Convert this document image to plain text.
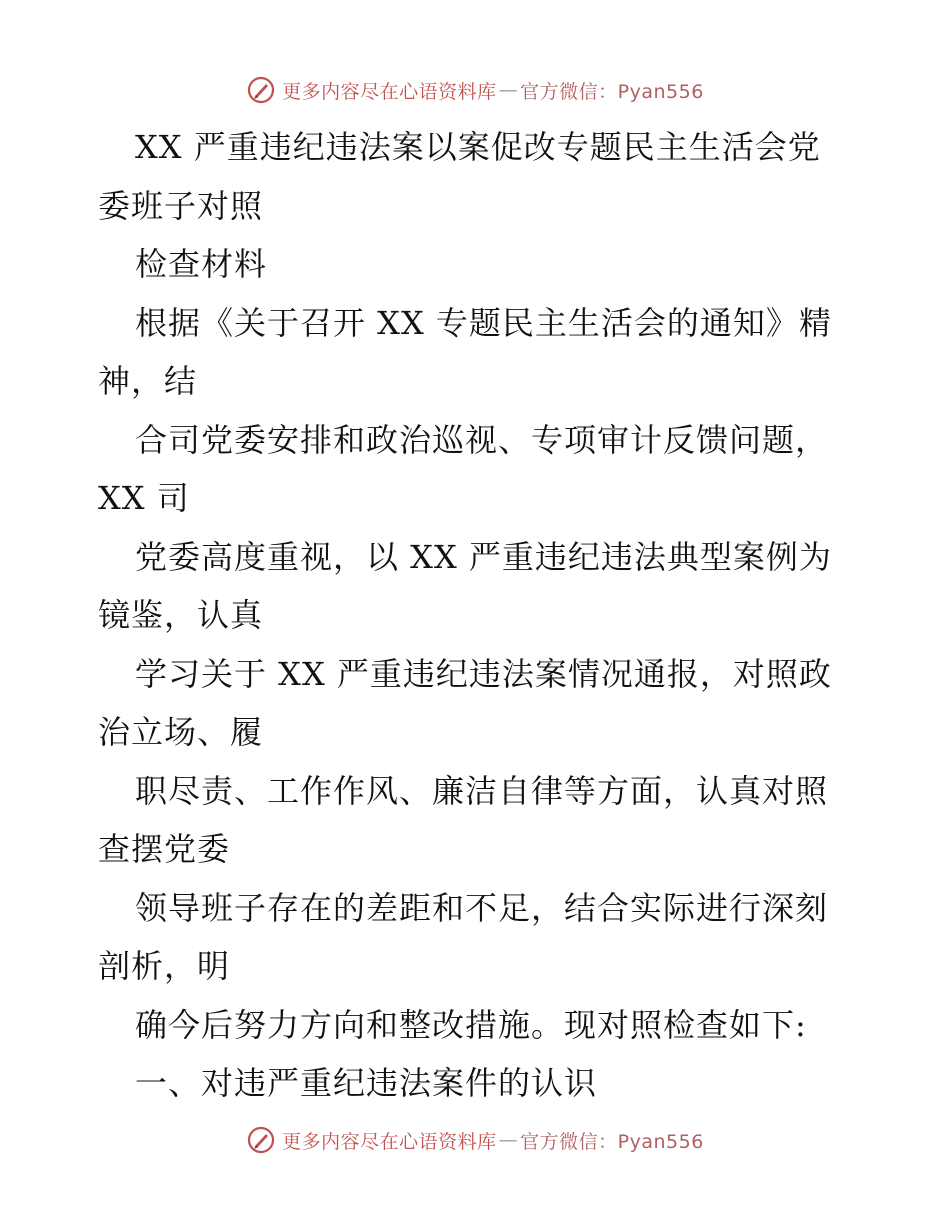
更多内容尽在心语资料库 — 官方微信：Pyan556
XX 严重违纪违法案以案促改专题民主生活会党
委班子对照
检查材料
根据《关于召开 XX 专题民主生活会的通知》精
神，结
合司党委安排和政治巡视、专项审计反馈问题，
XX 司
党委高度重视，以 XX 严重违纪违法典型案例为
镜鉴，认真
学习关于 XX 严重违纪违法案情况通报，对照政
治立场、履
职尽责、工作作风、廉洁自律等方面，认真对照
查摆党委
领导班子存在的差距和不足，结合实际进行深刻
剖析，明
确今后努力方向和整改措施。现对照检查如下:
一、对违严重纪违法案件的认识
更多内容尽在心语资料库 — 官方微信：Pyan556
